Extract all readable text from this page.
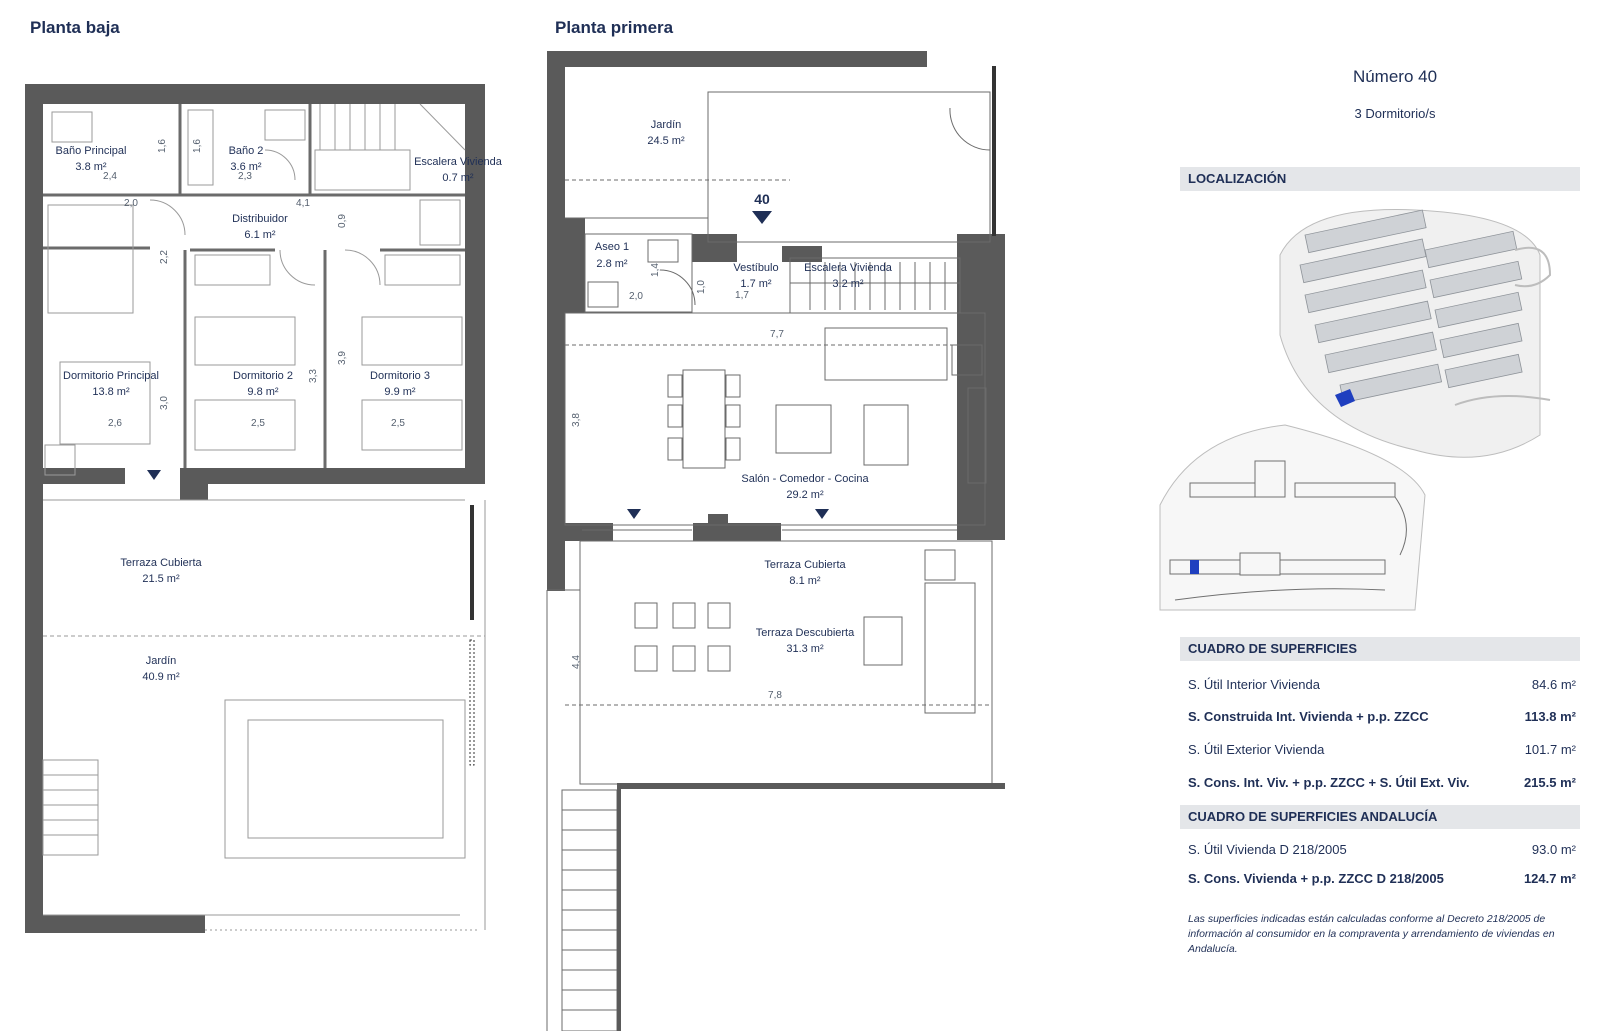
Planta baja	Planta primera
Baño Principal
3.8 m²
Baño 2
3.6 m²	Escalera Vivienda
0.7 m²
Distribuidor
6.1 m²
Dormitorio Principal
13.8 m²
Dormitorio 2
9.8 m²
Dormitorio 3
9.9 m²
Terraza Cubierta
21.5 m²
Jardín
40.9 m²
1,6 1,6
2,4	2,3
2,0	4,1
0,9
2,2
3,9
3,3
3,0
2,6	2,5	2,5
40
Jardín
24.5 m²
Aseo 1
2.8 m²	Vestíbulo
1.7 m²
Escalera Vivienda
3.2 m²
Salón - Comedor - Cocina
29.2 m²
Terraza Cubierta
8.1 m²
Terraza Descubierta
31.3 m²
1,4
2,0
1,0
1,7
7,7
3,8
4,4
7,8
Número 40
3 Dormitorio/s
LOCALIZACIÓN
CUADRO DE SUPERFICIES
S. Útil Interior Vivienda	84.6 m²
S. Construida Int. Vivienda + p.p. ZZCC	113.8 m²
S. Útil Exterior Vivienda	101.7 m²
S. Cons. Int. Viv. + p.p. ZZCC + S. Útil Ext. Viv.	215.5 m²
CUADRO DE SUPERFICIES ANDALUCÍA
S. Útil Vivienda D 218/2005	93.0 m²
S. Cons. Vivienda + p.p. ZZCC D 218/2005	124.7 m²
Las superficies indicadas están calculadas conforme al Decreto 218/2005 de información al consumidor en la compraventa y arrendamiento de viviendas en Andalucía.
